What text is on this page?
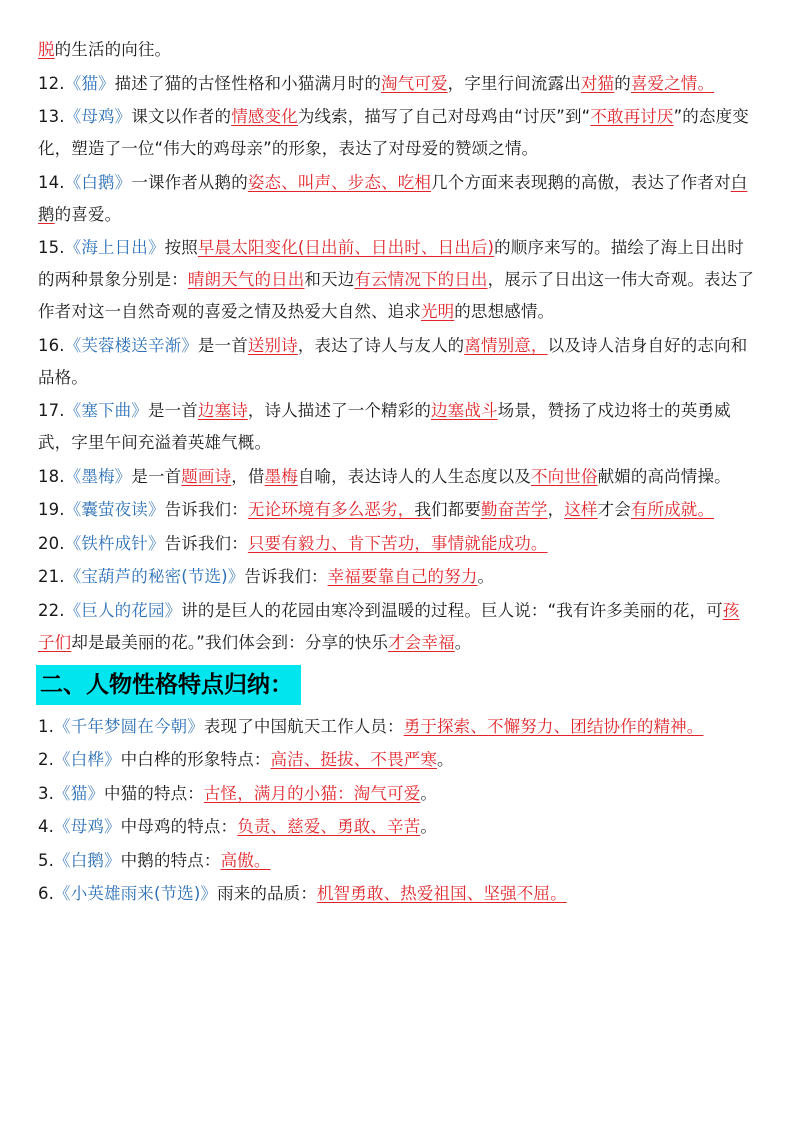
脱的生活的向往。

12.《猫》描述了猫的古怪性格和小猫满月时的淘气可爱，字里行间流露出对猫的喜爱之情。

13.《母鸡》课文以作者的情感变化为线索，描写了自己对母鸡由“讨厌”到“不敢再讨厌”的态度变化，塑造了一位“伟大的鸡母亲”的形象，表达了对母爱的赞颂之情。

14.《白鹅》一课作者从鹅的姿态、叫声、步态、吃相几个方面来表现鹅的高傲，表达了作者对白鹅的喜爱。

15.《海上日出》按照早晨太阳变化(日出前、日出时、日出后)的顺序来写的。描绘了海上日出时的两种景象分别是：晴朗天气的日出和天边有云情况下的日出，展示了日出这一伟大奇观。表达了作者对这一自然奇观的喜爱之情及热爱大自然、追求光明的思想感情。

16.《芙蓉楼送辛渐》是一首送别诗，表达了诗人与友人的离情别意，以及诗人洁身自好的志向和品格。

17.《塞下曲》是一首边塞诗，诗人描述了一个精彩的边塞战斗场景，赞扬了戍边将士的英勇威武，字里午间充溢着英雄气概。

18.《墨梅》是一首题画诗，借墨梅自喻，表达诗人的人生态度以及不向世俗献媚的高尚情操。

19.《囊萤夜读》告诉我们：无论环境有多么恶劣，我们都要勤奋苦学，这样才会有所成就。

20.《铁杵成针》告诉我们：只要有毅力、肯下苦功，事情就能成功。

21.《宝葫芦的秘密(节选)》告诉我们：幸福要靠自己的努力。

22.《巨人的花园》讲的是巨人的花园由寒冷到温暖的过程。巨人说：“我有许多美丽的花，可孩子们却是最美丽的花。”我们体会到：分享的快乐才会幸福。

二、人物性格特点归纳：

1.《千年梦圆在今朝》表现了中国航天工作人员：勇于探索、不懈努力、团结协作的精神。

2.《白桦》中白桦的形象特点：高洁、挺拔、不畏严寒。

3.《猫》中猫的特点：古怪，满月的小猫：淘气可爱。

4.《母鸡》中母鸡的特点：负责、慈爱、勇敢、辛苦。

5.《白鹅》中鹅的特点：高傲。

6.《小英雄雨来(节选)》雨来的品质：机智勇敢、热爱祖国、坚强不屈。
